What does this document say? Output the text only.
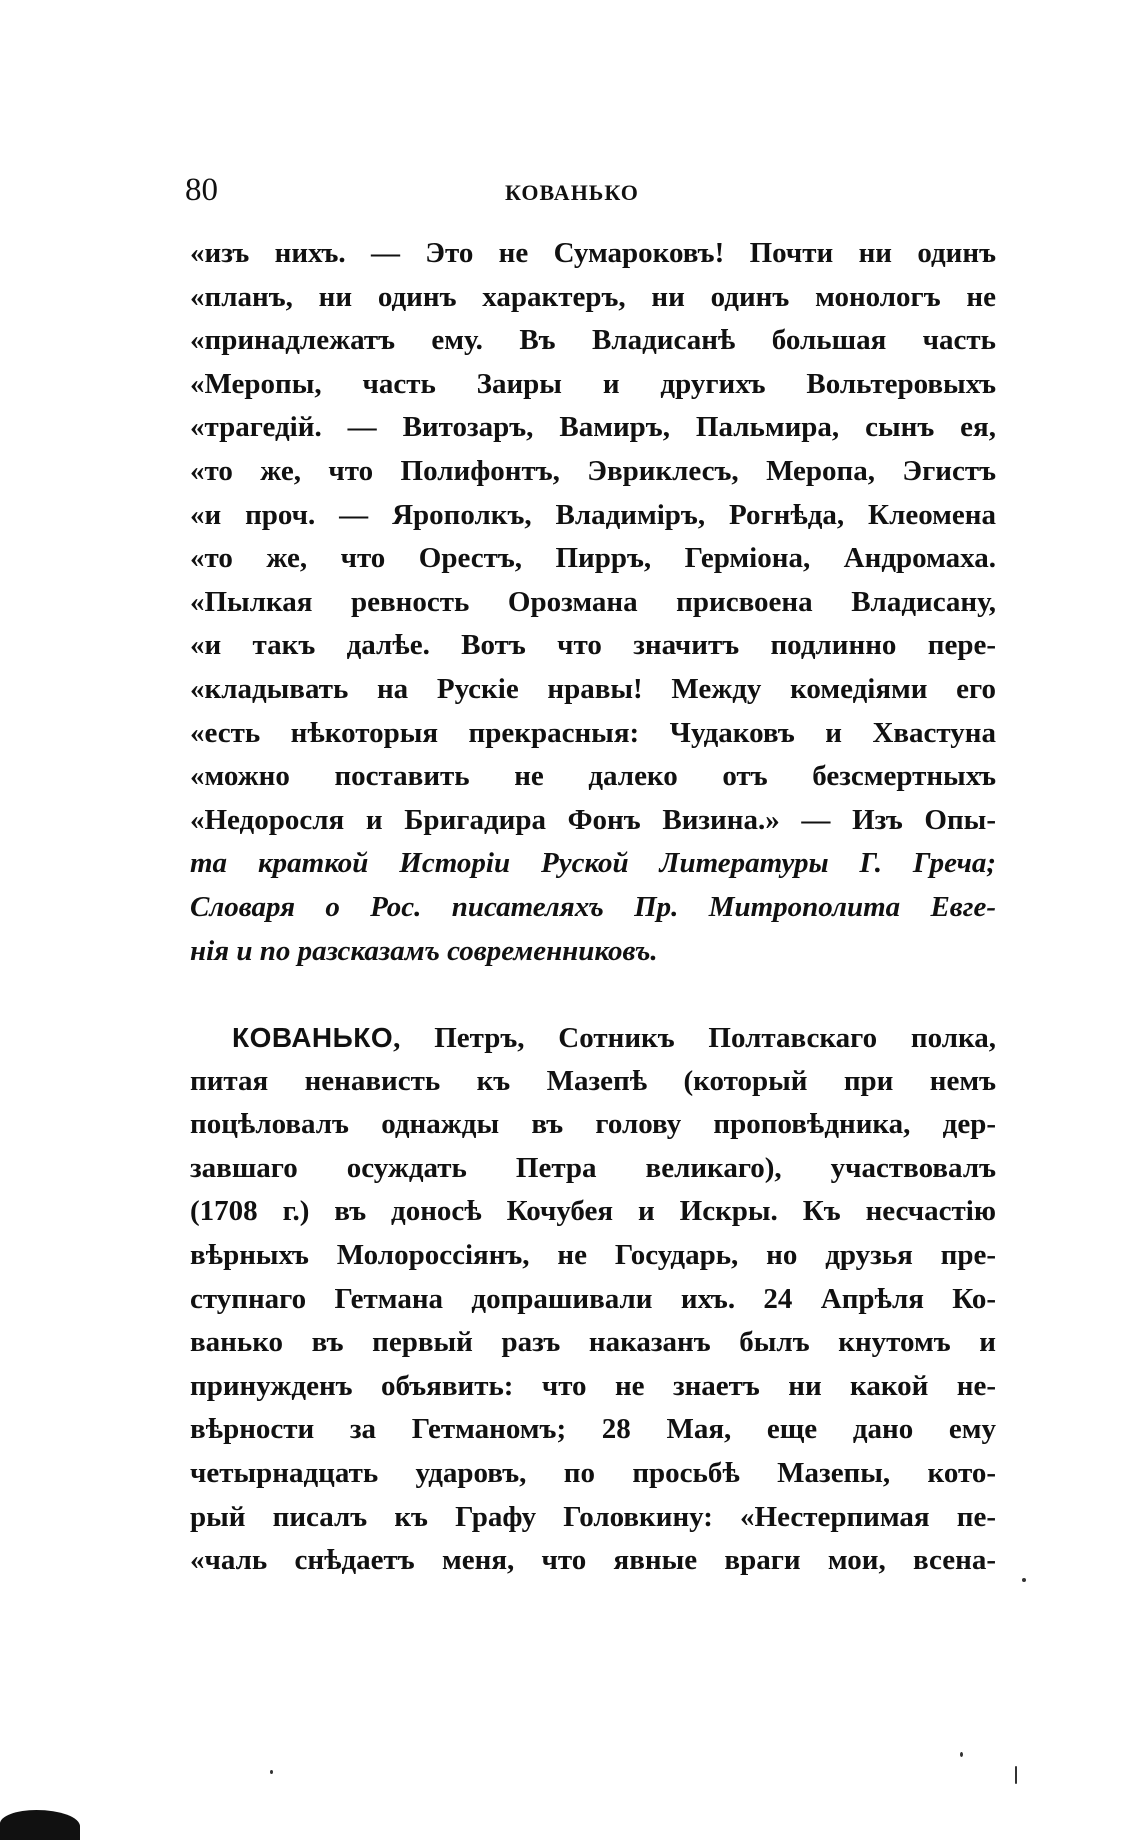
80	КОВАНЬКО
«изъ нихъ. — Это не Сумароковъ! Почти ни одинъ
«планъ, ни одинъ характеръ, ни одинъ монологъ не
«принадлежатъ ему. Въ Владисанѣ большая часть
«Меропы, часть Заиры и другихъ Вольтеровыхъ
«трагедій. — Витозаръ, Вамиръ, Пальмира, сынъ ея,
«то же, что Полифонтъ, Эвриклесъ, Меропа, Эгистъ
«и проч. — Ярополкъ, Владиміръ, Рогнѣда, Клеомена
«то же, что Орестъ, Пирръ, Герміона, Андромаха.
«Пылкая ревность Орозмана присвоена Владисану,
«и такъ далѣе. Вотъ что значитъ подлинно пере-
«кладывать на Рускіе нравы! Между комедіями его
«есть нѣкоторыя прекрасныя: Чудаковъ и Хвастуна
«можно поставить не далеко отъ безсмертныхъ
«Недоросля и Бригадира Фонъ Визина.» — Изъ Опы-
та краткой Исторіи Руской Литературы Г. Греча;
Словаря о Рос. писателяхъ Пр. Митрополита Евге-
нія и по разсказамъ современниковъ.
КОВАНЬКО, Петръ, Сотникъ Полтавскаго полка,
питая ненависть къ Мазепѣ (который при немъ
поцѣловалъ однажды въ голову проповѣдника, дер-
завшаго осуждать Петра великаго), участвовалъ
(1708 г.) въ доносѣ Кочубея и Искры. Къ несчастію
вѣрныхъ Молороссіянъ, не Государь, но друзья пре-
ступнаго Гетмана допрашивали ихъ. 24 Апрѣля Ко-
ванько въ первый разъ наказанъ былъ кнутомъ и
принужденъ объявить: что не знаетъ ни какой не-
вѣрности за Гетманомъ; 28 Мая, еще дано ему
четырнадцать ударовъ, по просьбѣ Мазепы, кото-
рый писалъ къ Графу Головкину: «Нестерпимая пе-
«чаль снѣдаетъ меня, что явные враги мои, всена-
